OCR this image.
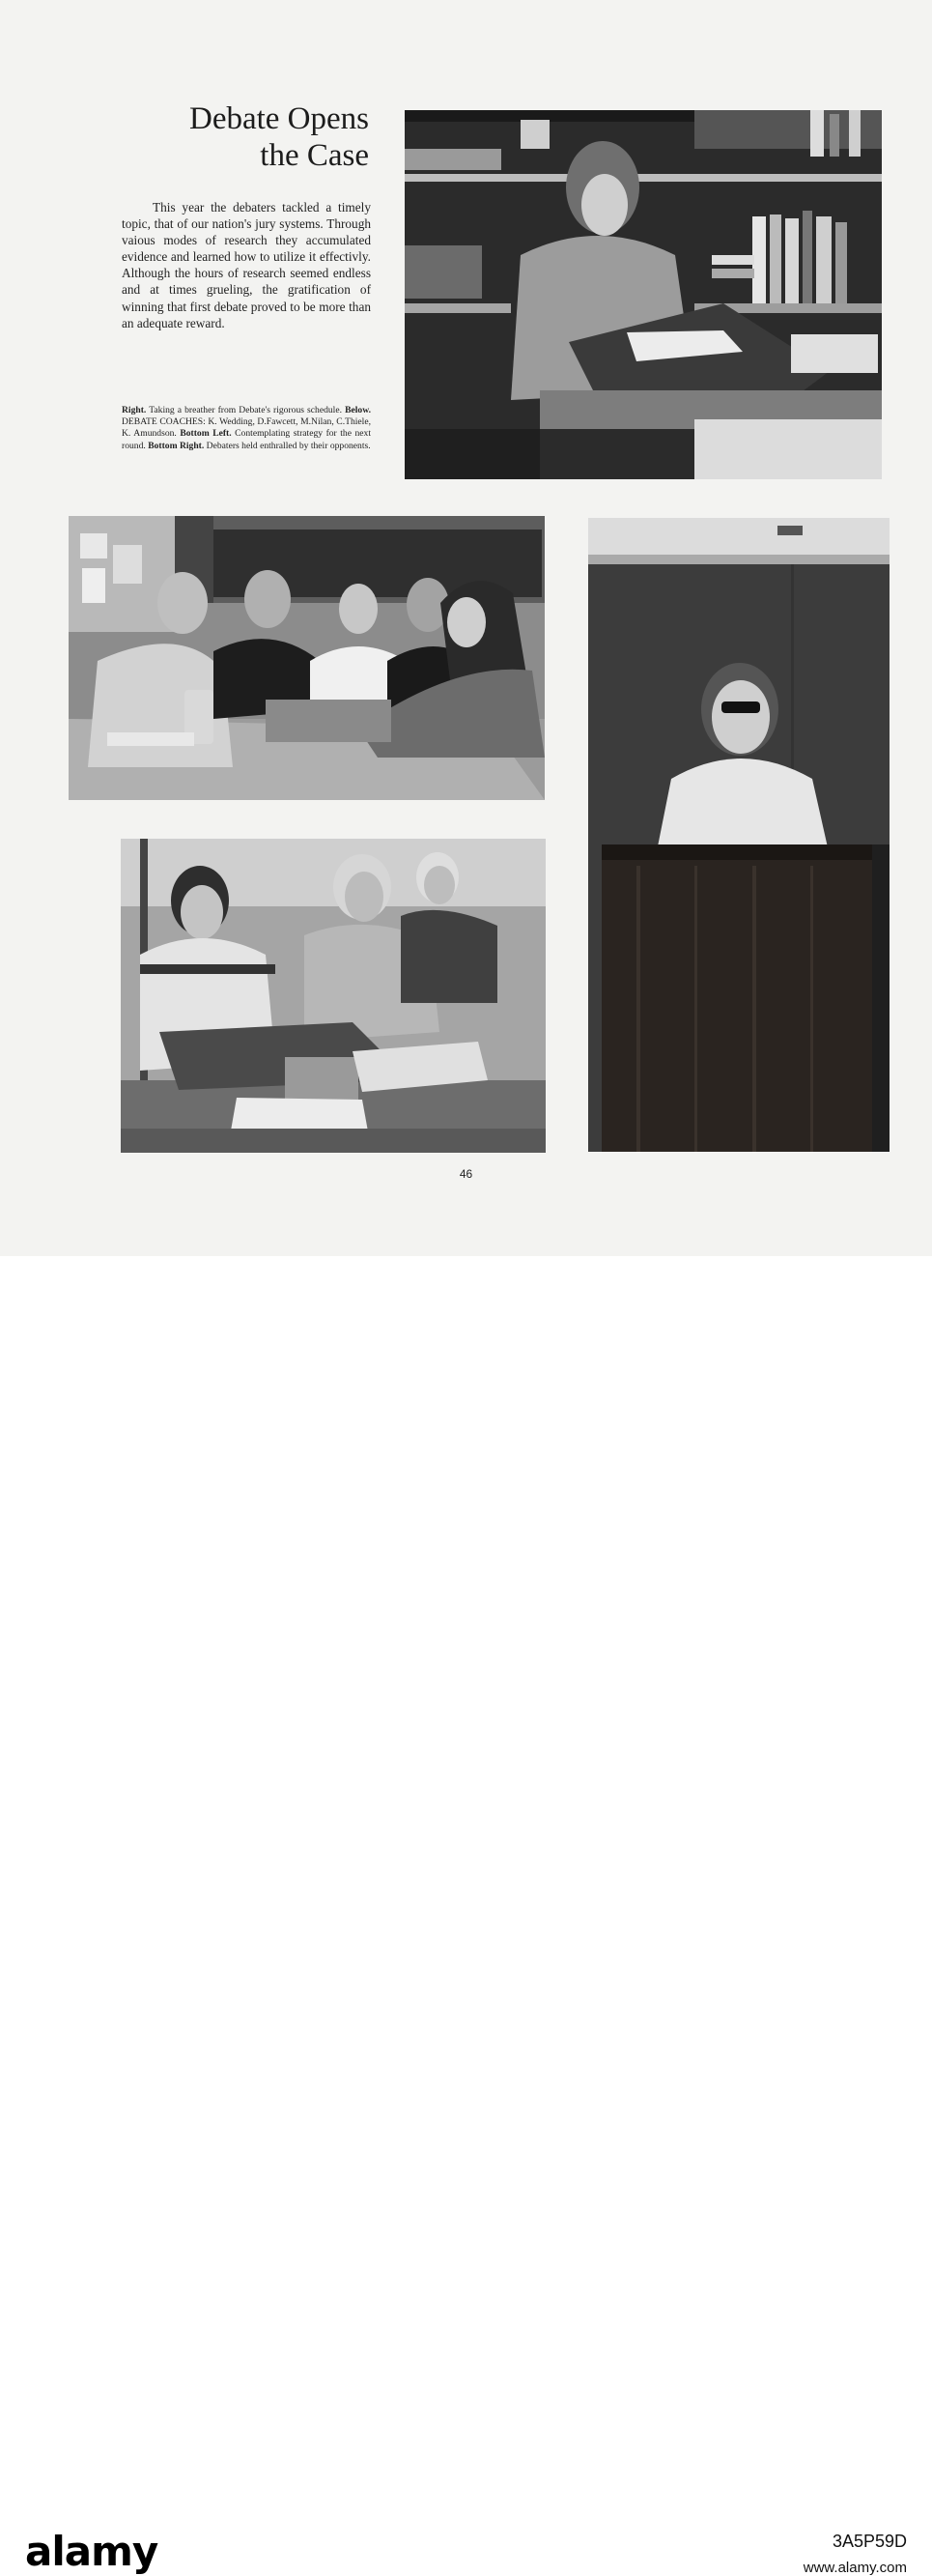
Debate Opens
the Case

This year the debaters tackled a timely topic, that of our nation's jury systems. Through vaious modes of research they accumulated evidence and learned how to utilize it effectivly. Although the hours of research seemed endless and at times grueling, the gratification of winning that first debate proved to be more than an adequate reward.

Right. Taking a breather from Debate's rigorous schedule. Below. DEBATE COACHES: K. Wedding, D.Fawcett, M.Nilan, C.Thiele, K. Amundson. Bottom Left. Contemplating strategy for the next round. Bottom Right. Debaters held enthralled by their opponents.

46
alamy	3A5P59D
www.alamy.com
